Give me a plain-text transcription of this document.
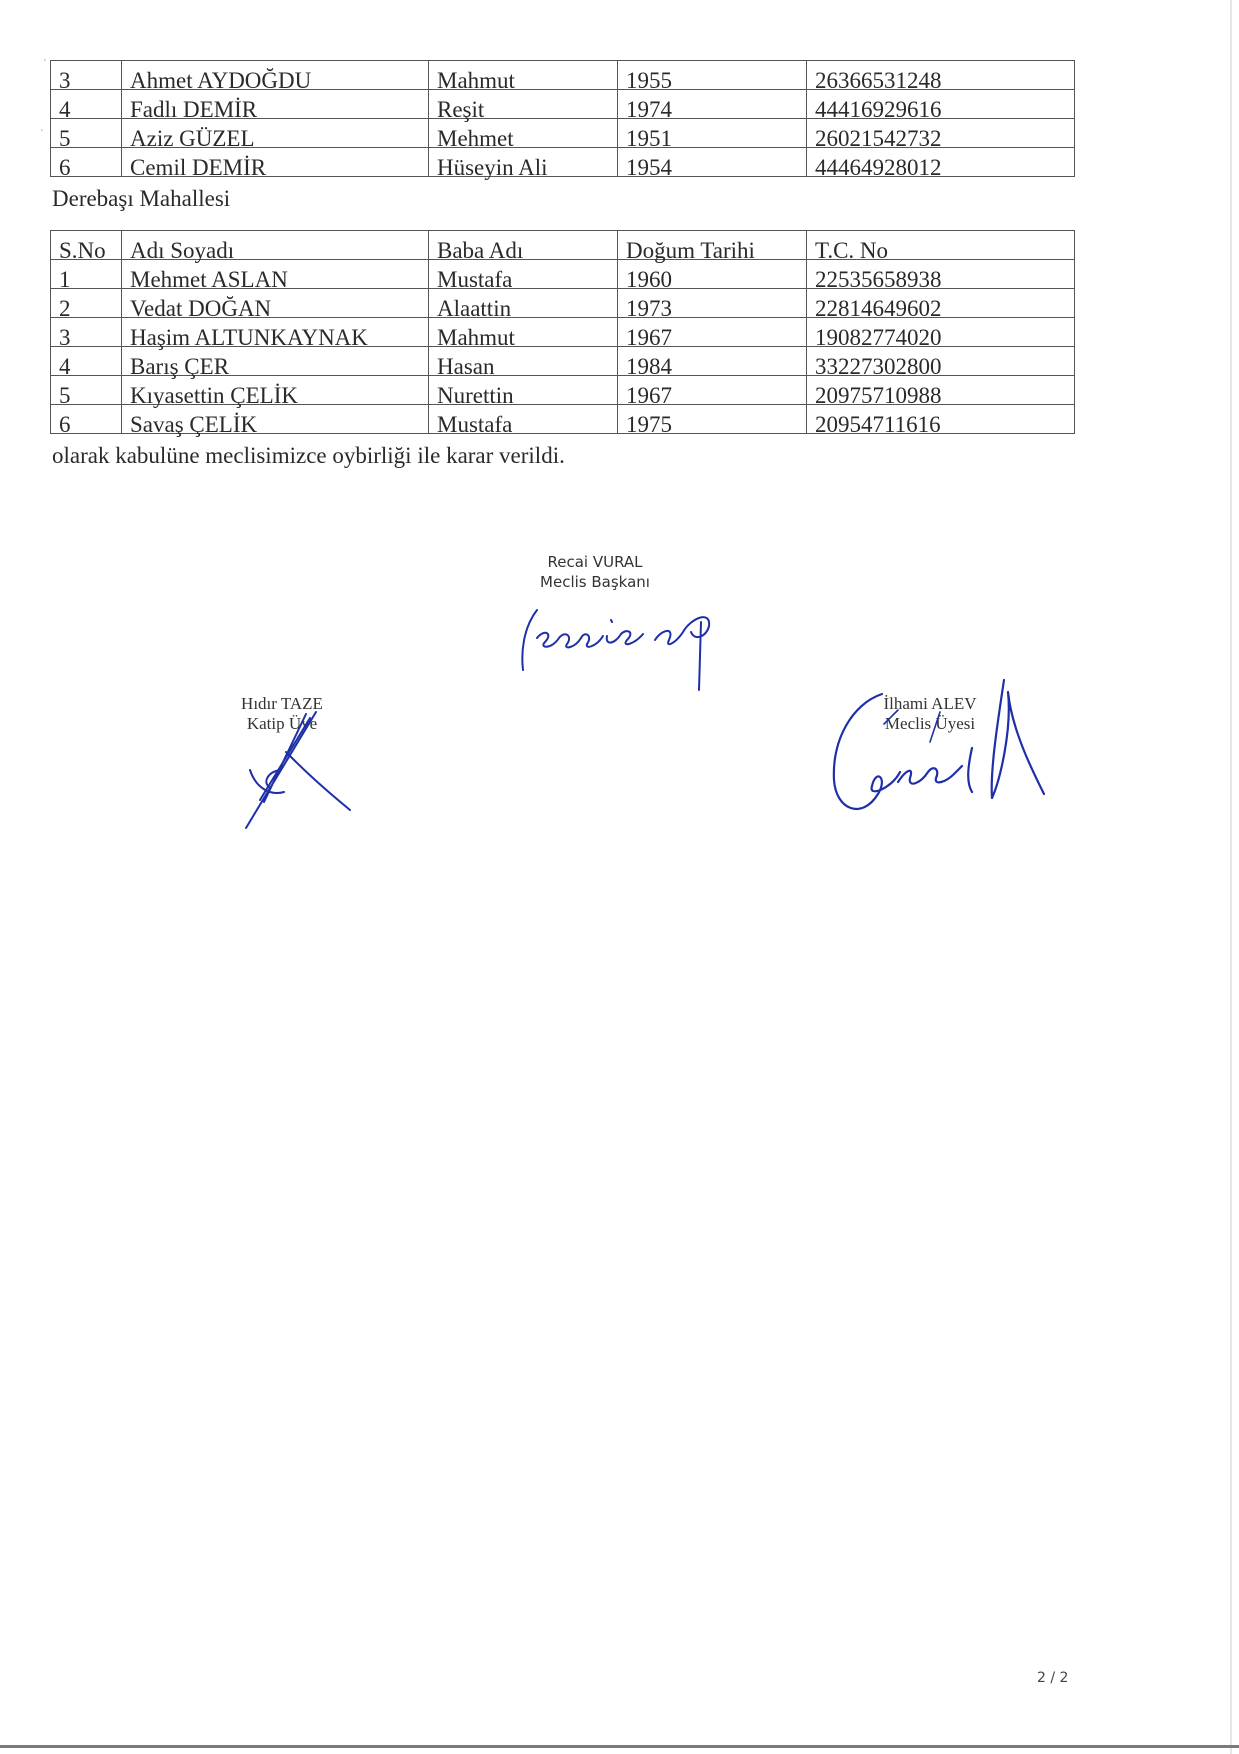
'
'
3	Ahmet AYDOĞDU	Mahmut	1955	26366531248
4	Fadlı DEMİR	Reşit	1974	44416929616
5	Aziz GÜZEL	Mehmet	1951	26021542732
6	Cemil DEMİR	Hüseyin Ali	1954	44464928012
Derebaşı Mahallesi
S.No	Adı Soyadı	Baba Adı	Doğum Tarihi	T.C. No
1	Mehmet ASLAN	Mustafa	1960	22535658938
2	Vedat DOĞAN	Alaattin	1973	22814649602
3	Haşim ALTUNKAYNAK	Mahmut	1967	19082774020
4	Barış ÇER	Hasan	1984	33227302800
5	Kıyasettin ÇELİK	Nurettin	1967	20975710988
6	Savaş ÇELİK	Mustafa	1975	20954711616
olarak kabulüne meclisimizce oybirliği ile karar verildi.
Recai VURAL
Meclis Başkanı
Hıdır TAZE
Katip Üye
İlhami ALEV
Meclis Üyesi
2 / 2
